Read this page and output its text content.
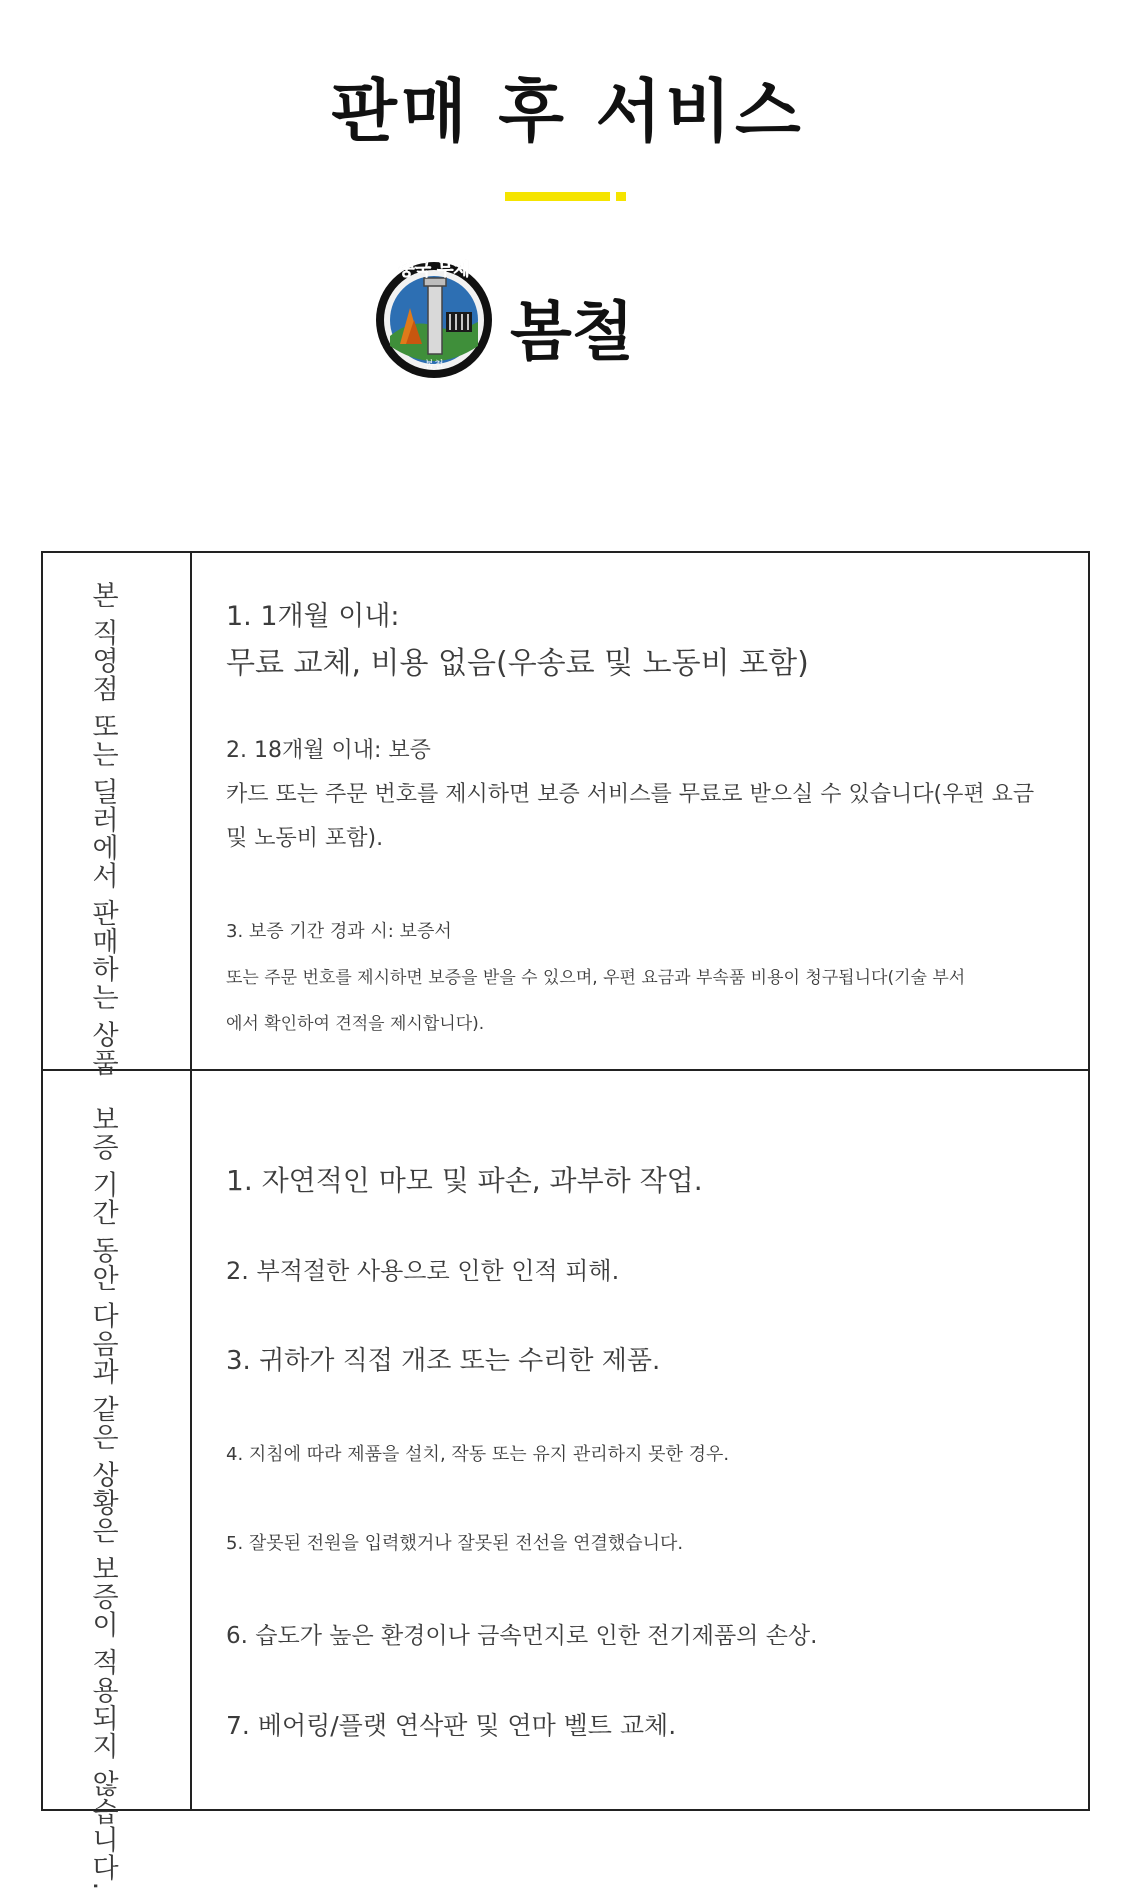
판매 후 서비스
중국 무체
봄철 봄철
본 직영점 또는 딜러에서 판매하는 상품	1. 1개월 이내:
무료 교체, 비용 없음(우송료 및 노동비 포함)
2. 18개월 이내: 보증
카드 또는 주문 번호를 제시하면 보증 서비스를 무료로 받으실 수 있습니다(우편 요금
및 노동비 포함).
3. 보증 기간 경과 시: 보증서
또는 주문 번호를 제시하면 보증을 받을 수 있으며, 우편 요금과 부속품 비용이 청구됩니다(기술 부서
에서 확인하여 견적을 제시합니다).
보증 기간 동안 다음과 같은 상황은 보증이 적용되지 않습니다.	1. 자연적인 마모 및 파손, 과부하 작업.
2. 부적절한 사용으로 인한 인적 피해.
3. 귀하가 직접 개조 또는 수리한 제품.
4. 지침에 따라 제품을 설치, 작동 또는 유지 관리하지 못한 경우.
5. 잘못된 전원을 입력했거나 잘못된 전선을 연결했습니다.
6. 습도가 높은 환경이나 금속먼지로 인한 전기제품의 손상.
7. 베어링/플랫 연삭판 및 연마 벨트 교체.
